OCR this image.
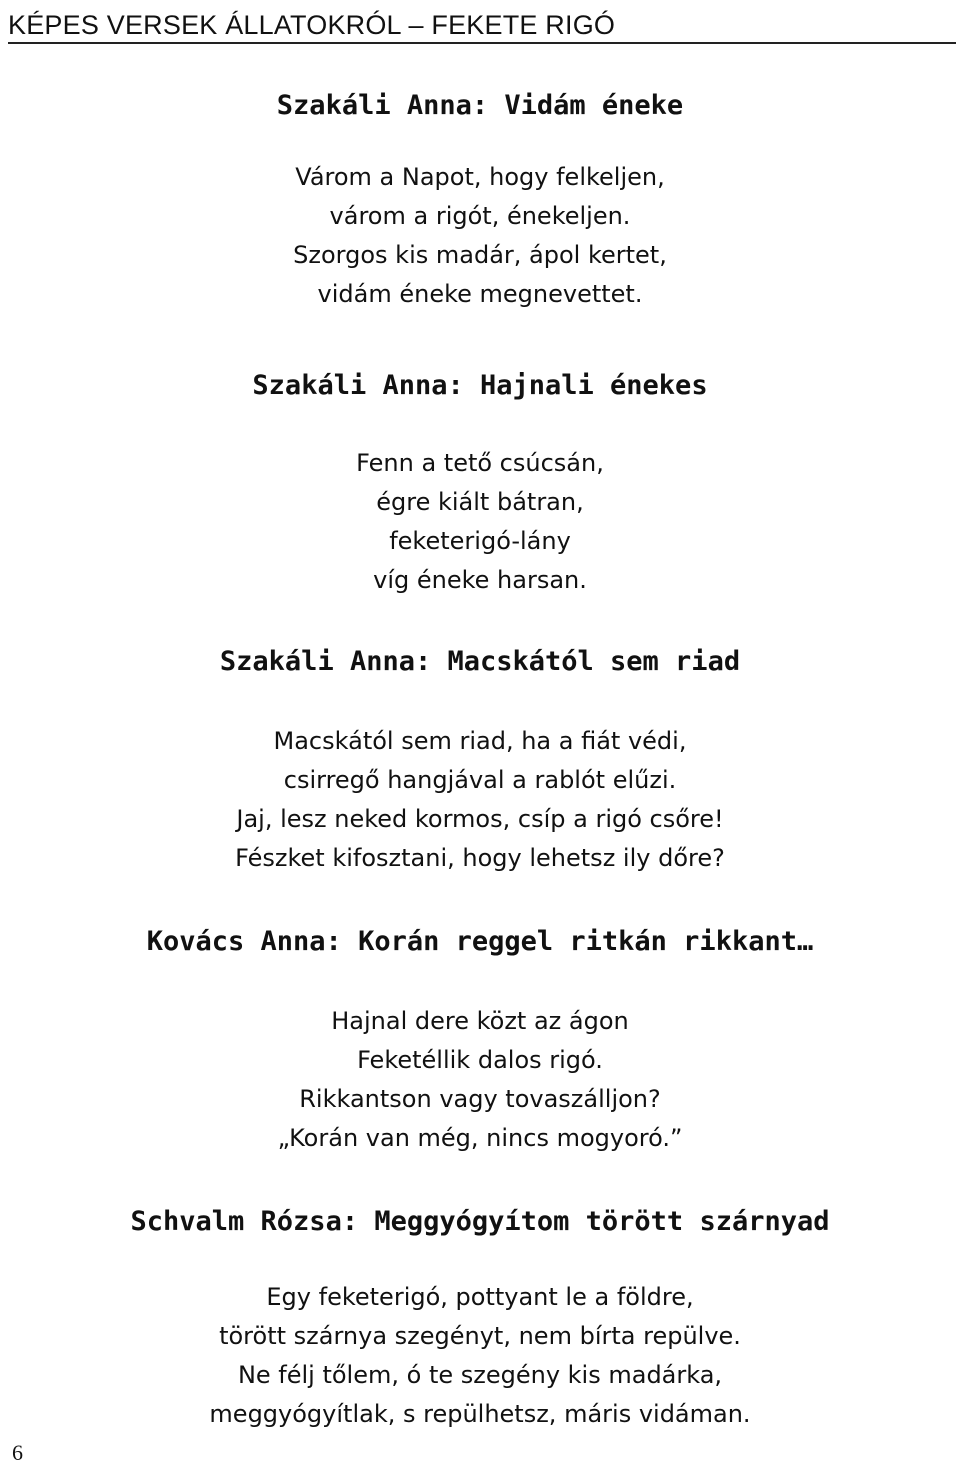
KÉPES VERSEK ÁLLATOKRÓL – FEKETE RIGÓ
Szakáli Anna: Vidám éneke
Várom a Napot, hogy felkeljen,
várom a rigót, énekeljen.
Szorgos kis madár, ápol kertet,
vidám éneke megnevettet.
Szakáli Anna: Hajnali énekes
Fenn a tető csúcsán,
égre kiált bátran,
feketerigó-lány
víg éneke harsan.
Szakáli Anna: Macskától sem riad
Macskától sem riad, ha a fiát védi,
csirregő hangjával a rablót elűzi.
Jaj, lesz neked kormos, csíp a rigó csőre!
Fészket kifosztani, hogy lehetsz ily dőre?
Kovács Anna: Korán reggel ritkán rikkant…
Hajnal dere közt az ágon
Feketéllik dalos rigó.
Rikkantson vagy tovaszálljon?
„Korán van még, nincs mogyoró.”
Schvalm Rózsa: Meggyógyítom törött szárnyad
Egy feketerigó, pottyant le a földre,
törött szárnya szegényt, nem bírta repülve.
Ne félj tőlem, ó te szegény kis madárka,
meggyógyítlak, s repülhetsz, máris vidáman.
6
